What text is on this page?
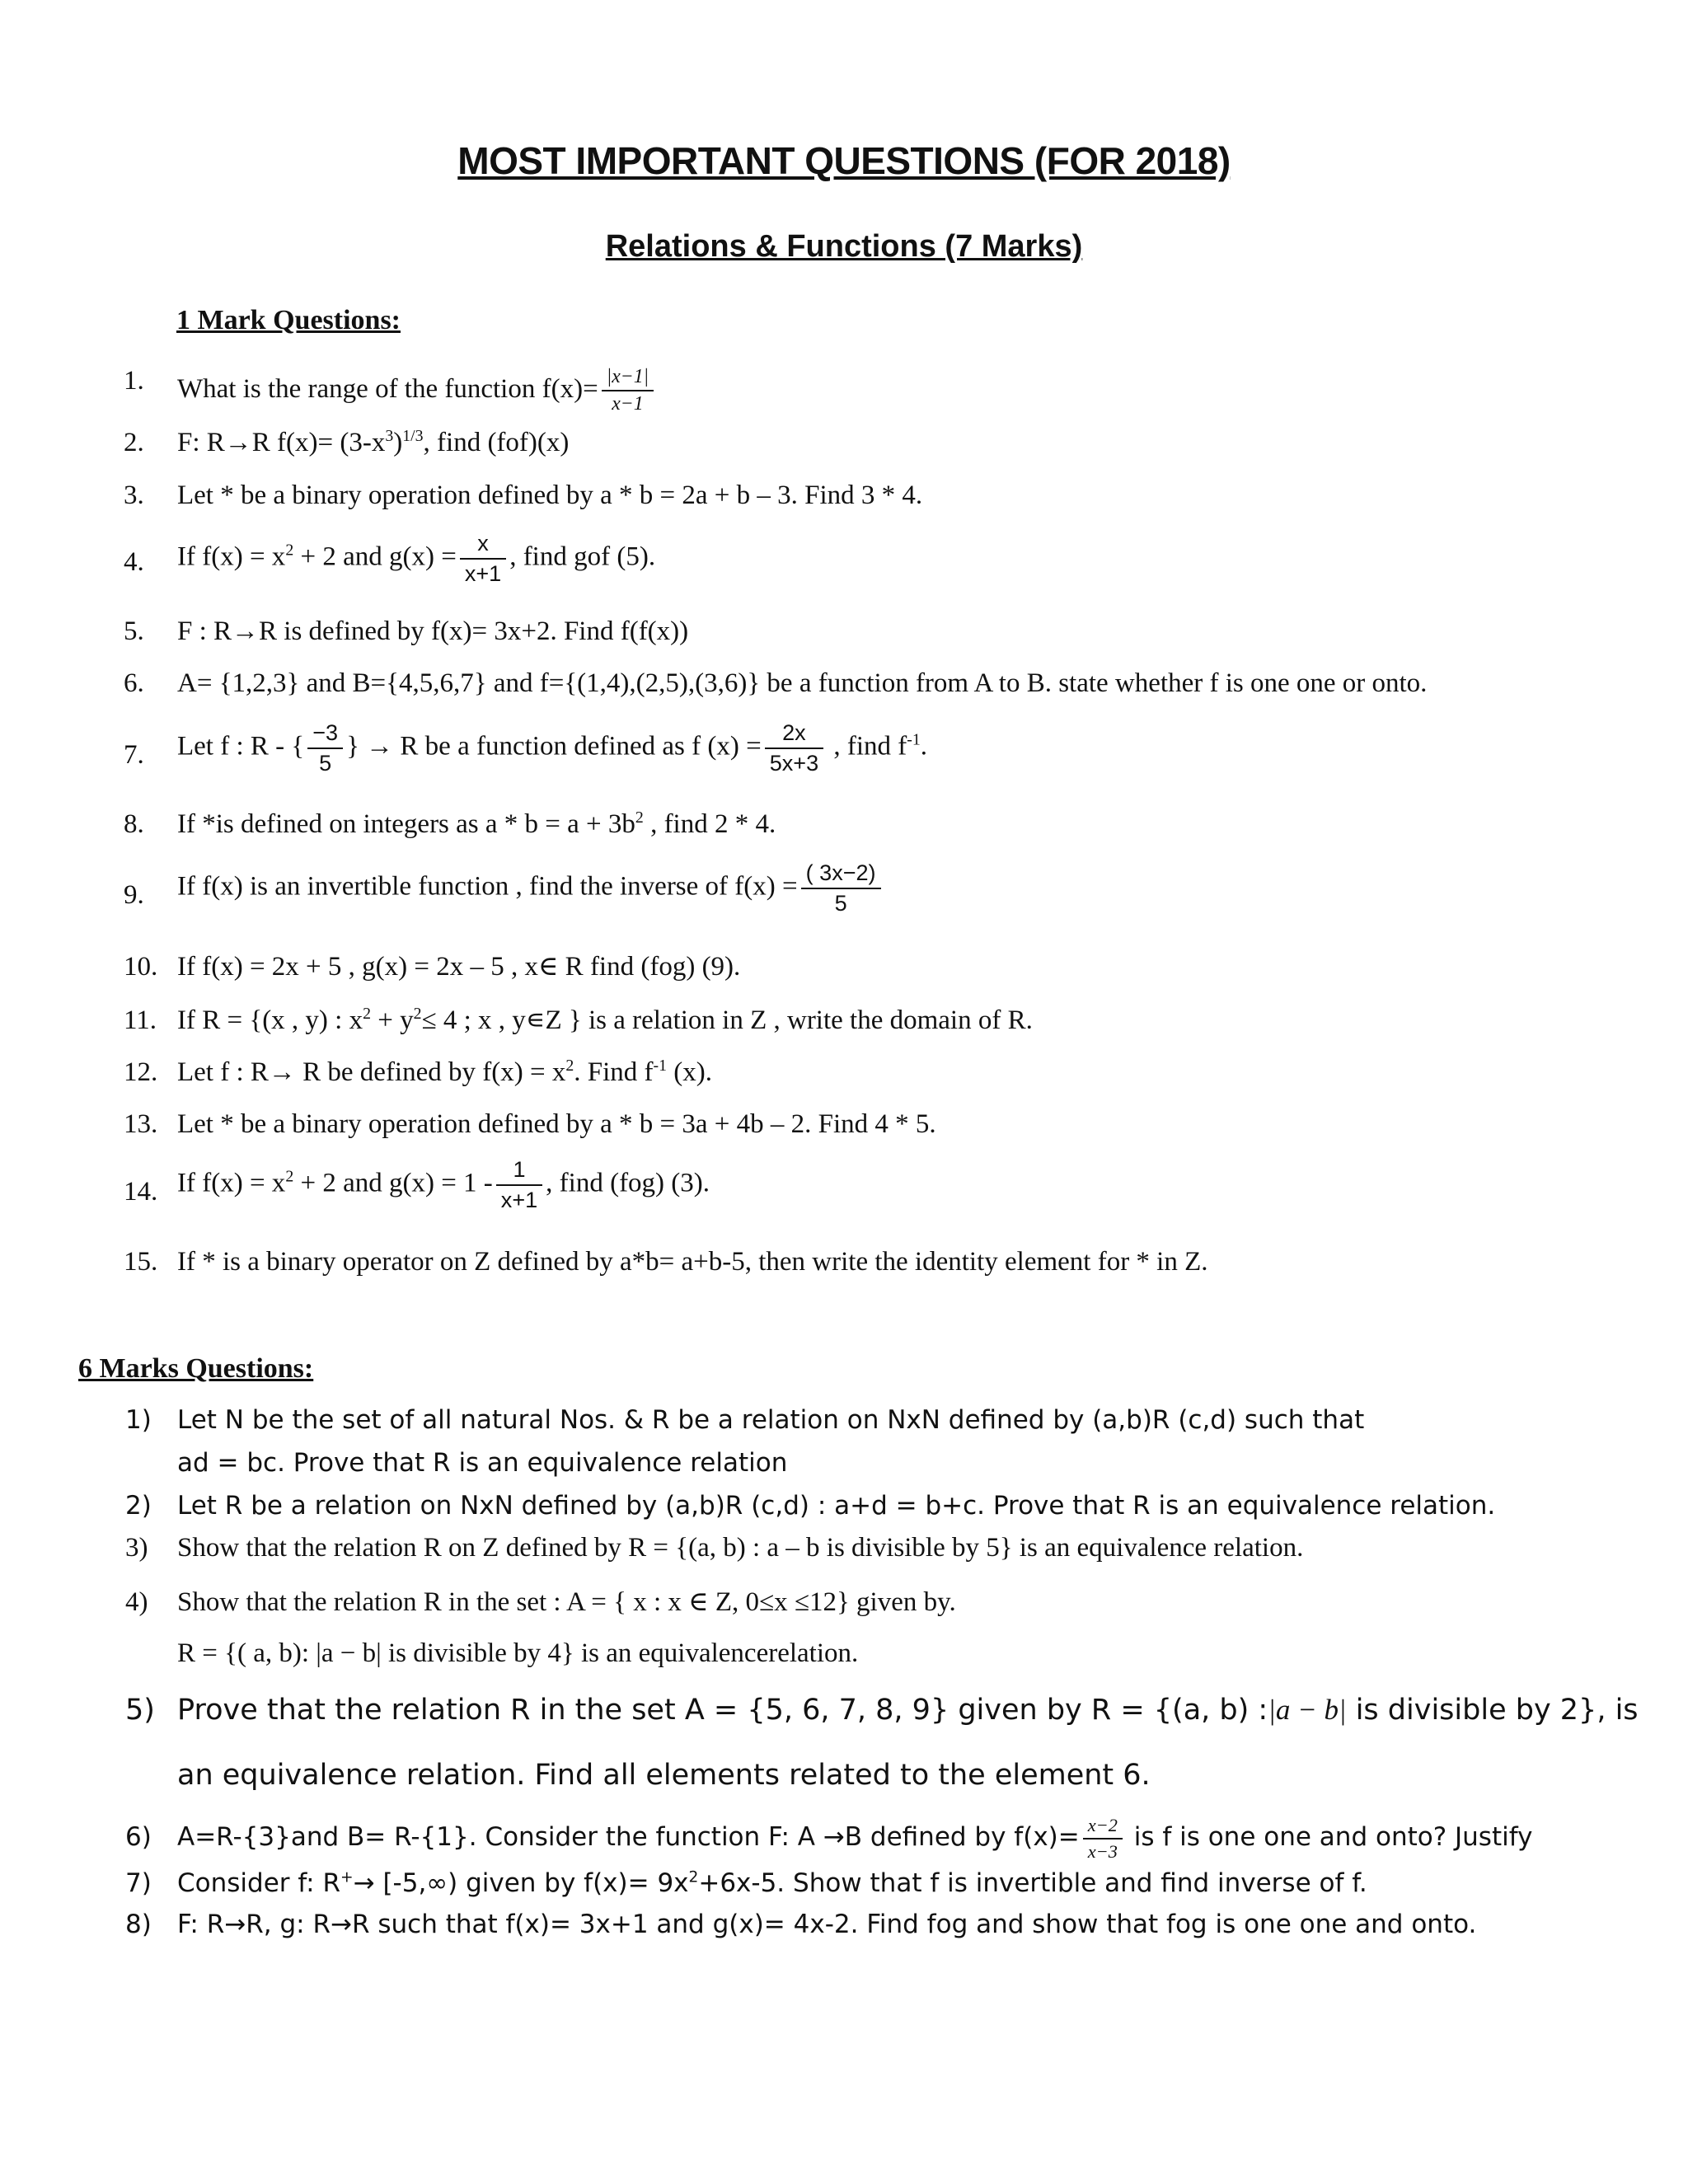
MOST IMPORTANT QUESTIONS (FOR 2018)
Relations & Functions (7 Marks)
1 Mark Questions:
1. What is the range of the function $f(x)= \frac{|x-1|}{x-1}$
2. F: R→R $f(x)= (3-x^3)^{1/3}$, find (fof)(x)
3. Let * be a binary operation defined by a * b = 2a + b – 3. Find 3 * 4.
4. If $f(x) = x^2 + 2$ and $g(x) = \frac{x}{x+1}$ , find gof (5).
5. F : R→R is defined by f(x)= 3x+2. Find f(f(x))
6. A= {1,2,3} and B={4,5,6,7} and f={(1,4),(2,5),(3,6)} be a function from A to B. state whether f is one one or onto.
7. Let f : R - { $\frac{-3}{5}$ } → R be a function defined as f $(x) = \frac{2x}{5x+3}$ , find $f^{-1}$.
8. If *is defined on integers as $a * b = a + 3b^2$ , find 2 * 4.
9. If f(x) is an invertible function , find the inverse of $f(x) = \frac{( 3x-2)}{5}$
10. If f(x) = 2x + 5 , g(x) = 2x – 5 , x∈ R find (fog) (9).
11. If R = {(x , y) : $x^2 + y^2\le 4$ ; x , y∊Z } is a relation in Z , write the domain of R.
12. Let f : R→ R be defined by $f(x) = x^2$. Find $f^{-1}$ (x).
13. Let * be a binary operation defined by a * b = 3a + 4b – 2. Find 4 * 5.
14. If $f(x) = x^2 + 2$ and $g(x) = 1 - \frac{1}{x+1}$ , find (fog) (3).
15. If * is a binary operator on Z defined by a*b= a+b-5, then write the identity element for * in Z.
6 Marks Questions:
1) Let N be the set of all natural Nos. & R be a relation on NxN defined by (a,b)R (c,d) such that
ad = bc. Prove that R is an equivalence relation
2) Let R be a relation on NxN defined by (a,b)R (c,d) : a+d = b+c. Prove that R is an equivalence relation.
3) Show that the relation R on Z defined by R = {(a, b) : a – b is divisible by 5} is an equivalence relation.
4) Show that the relation R in the set : A = { x : x ∈ Z, 0≤x ≤12} given by.
R = {( a, b): |a − b| is divisible by 4} is an equivalencerelation.
5) Prove that the relation R in the set A = {5, 6, 7, 8, 9} given by R = {(a, b) :|a − b| is divisible by 2}, is
an equivalence relation. Find all elements related to the element 6.
6) A=R-{3}and B= R-{1}. Consider the function F: A →B defined by $f(x)= \frac{x-2}{x-3}$ is f is one one and onto? Justify
7) Consider f: R+→ [-5,∞) given by $f(x)= 9x^2+6x-5$. Show that f is invertible and find inverse of f.
8) F: R→R, g: R→R such that f(x)= 3x+1 and g(x)= 4x-2. Find fog and show that fog is one one and onto.
